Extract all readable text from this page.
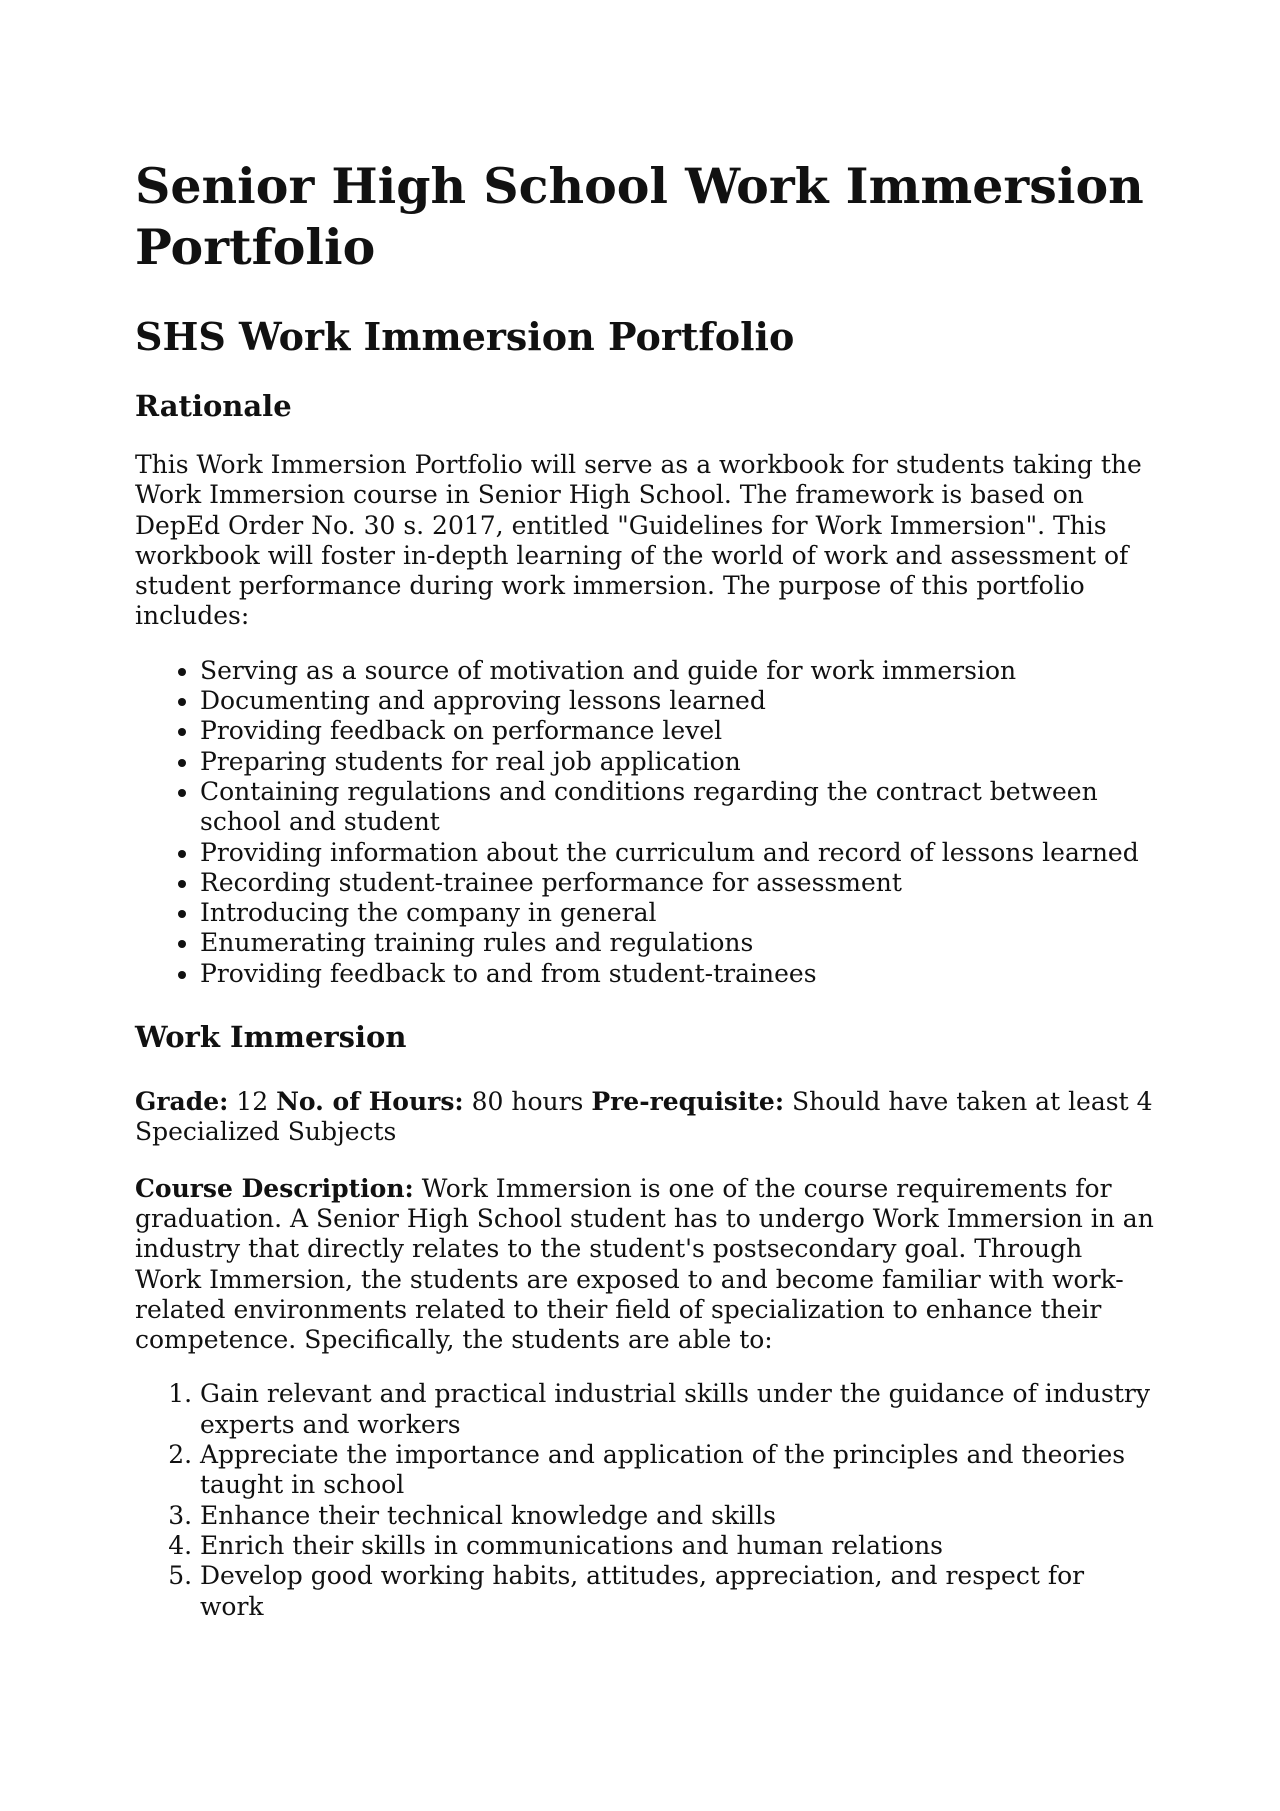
Senior High School Work Immersion Portfolio
SHS Work Immersion Portfolio
Rationale

This Work Immersion Portfolio will serve as a workbook for students taking the Work Immersion course in Senior High School. The framework is based on DepEd Order No. 30 s. 2017, entitled "Guidelines for Work Immersion". This workbook will foster in-depth learning of the world of work and assessment of student performance during work immersion. The purpose of this portfolio includes:

• Serving as a source of motivation and guide for work immersion
• Documenting and approving lessons learned
• Providing feedback on performance level
• Preparing students for real job application
• Containing regulations and conditions regarding the contract between school and student
• Providing information about the curriculum and record of lessons learned
• Recording student-trainee performance for assessment
• Introducing the company in general
• Enumerating training rules and regulations
• Providing feedback to and from student-trainees
Work Immersion

Grade: 12 No. of Hours: 80 hours Pre-requisite: Should have taken at least 4 Specialized Subjects

Course Description: Work Immersion is one of the course requirements for graduation. A Senior High School student has to undergo Work Immersion in an industry that directly relates to the student's postsecondary goal. Through Work Immersion, the students are exposed to and become familiar with work-related environments related to their field of specialization to enhance their competence. Specifically, the students are able to:

1. Gain relevant and practical industrial skills under the guidance of industry experts and workers
2. Appreciate the importance and application of the principles and theories taught in school
3. Enhance their technical knowledge and skills
4. Enrich their skills in communications and human relations
5. Develop good working habits, attitudes, appreciation, and respect for work
